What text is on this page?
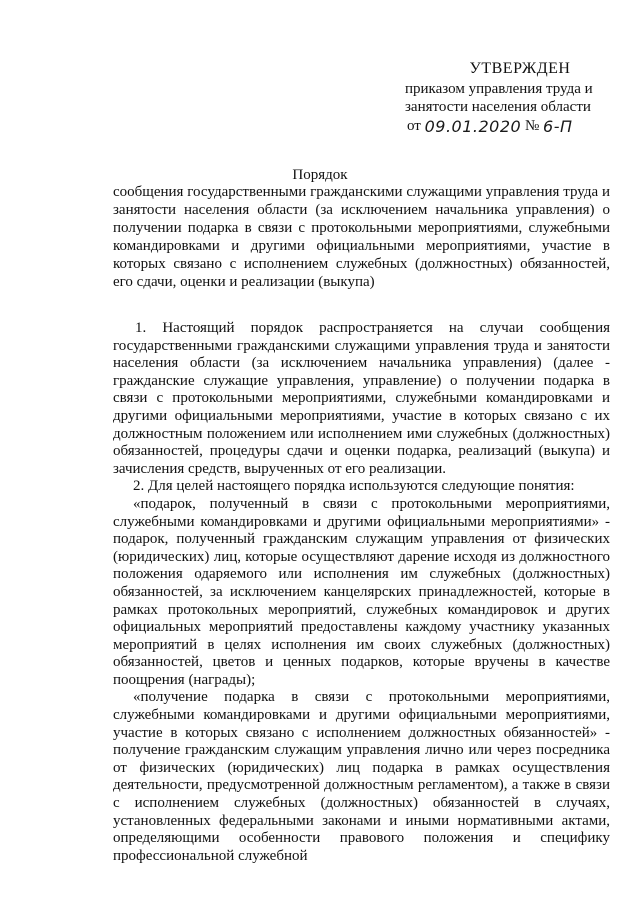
УТВЕРЖДЕН
приказом управления труда и
занятости населения области
от 09.01.2020 № 6-П
Порядок
сообщения государственными гражданскими служащими управления труда и занятости населения области (за исключением начальника управления) о получении подарка в связи с протокольными мероприятиями, служебными командировками и другими официальными мероприятиями, участие в которых связано с исполнением служебных (должностных) обязанностей, его сдачи, оценки и реализации (выкупа)

1. Настоящий порядок распространяется на случаи сообщения государственными гражданскими служащими управления труда и занятости населения области (за исключением начальника управления) (далее - гражданские служащие управления, управление) о получении подарка в связи с протокольными мероприятиями, служебными командировками и другими официальными мероприятиями, участие в которых связано с их должностным положением или исполнением ими служебных (должностных) обязанностей, процедуры сдачи и оценки подарка, реализаций (выкупа) и зачисления средств, вырученных от его реализации.

2. Для целей настоящего порядка используются следующие понятия:

«подарок, полученный в связи с протокольными мероприятиями, служебными командировками и другими официальными мероприятиями» - подарок, полученный гражданским служащим управления от физических (юридических) лиц, которые осуществляют дарение исходя из должностного положения одаряемого или исполнения им служебных (должностных) обязанностей, за исключением канцелярских принадлежностей, которые в рамках протокольных мероприятий, служебных командировок и других официальных мероприятий предоставлены каждому участнику указанных мероприятий в целях исполнения им своих служебных (должностных) обязанностей, цветов и ценных подарков, которые вручены в качестве поощрения (награды);

«получение подарка в связи с протокольными мероприятиями, служебными командировками и другими официальными мероприятиями, участие в которых связано с исполнением должностных обязанностей» - получение гражданским служащим управления лично или через посредника от физических (юридических) лиц подарка в рамках осуществления деятельности, предусмотренной должностным регламентом), а также в связи с исполнением служебных (должностных) обязанностей в случаях, установленных федеральными законами и иными нормативными актами, определяющими особенности правового положения и специфику профессиональной служебной
